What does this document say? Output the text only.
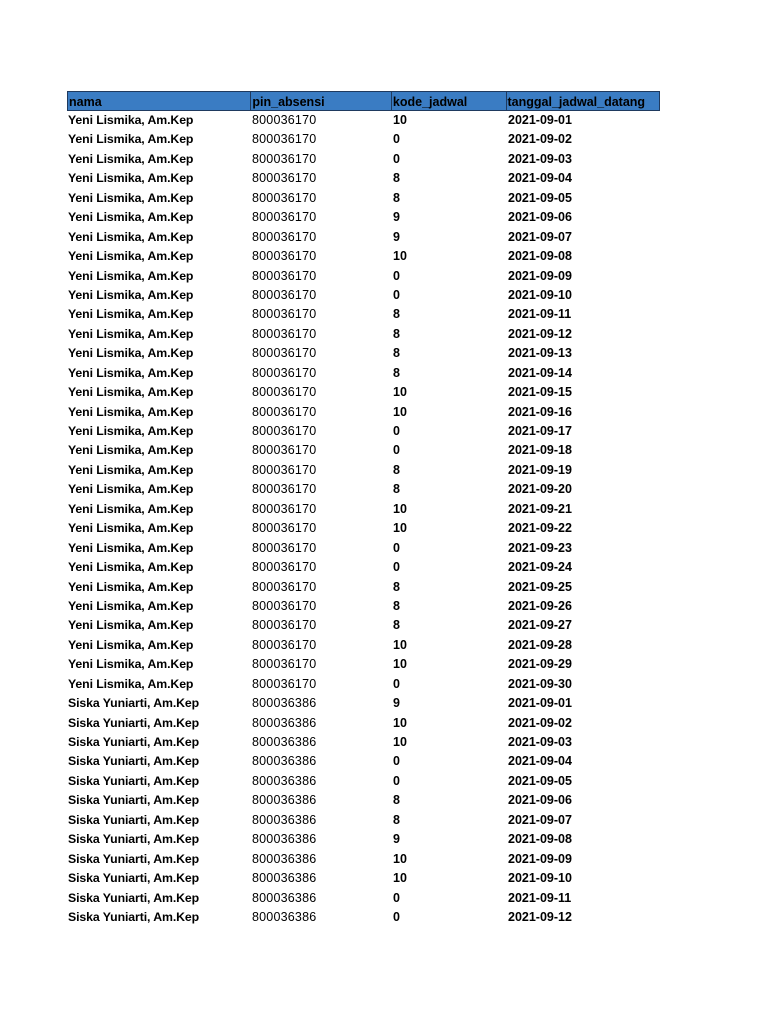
nama	pin_absensi	kode_jadwal	tanggal_jadwal_datang
Yeni Lismika, Am.Kep	800036170	10	2021-09-01
Yeni Lismika, Am.Kep	800036170	0	2021-09-02
Yeni Lismika, Am.Kep	800036170	0	2021-09-03
Yeni Lismika, Am.Kep	800036170	8	2021-09-04
Yeni Lismika, Am.Kep	800036170	8	2021-09-05
Yeni Lismika, Am.Kep	800036170	9	2021-09-06
Yeni Lismika, Am.Kep	800036170	9	2021-09-07
Yeni Lismika, Am.Kep	800036170	10	2021-09-08
Yeni Lismika, Am.Kep	800036170	0	2021-09-09
Yeni Lismika, Am.Kep	800036170	0	2021-09-10
Yeni Lismika, Am.Kep	800036170	8	2021-09-11
Yeni Lismika, Am.Kep	800036170	8	2021-09-12
Yeni Lismika, Am.Kep	800036170	8	2021-09-13
Yeni Lismika, Am.Kep	800036170	8	2021-09-14
Yeni Lismika, Am.Kep	800036170	10	2021-09-15
Yeni Lismika, Am.Kep	800036170	10	2021-09-16
Yeni Lismika, Am.Kep	800036170	0	2021-09-17
Yeni Lismika, Am.Kep	800036170	0	2021-09-18
Yeni Lismika, Am.Kep	800036170	8	2021-09-19
Yeni Lismika, Am.Kep	800036170	8	2021-09-20
Yeni Lismika, Am.Kep	800036170	10	2021-09-21
Yeni Lismika, Am.Kep	800036170	10	2021-09-22
Yeni Lismika, Am.Kep	800036170	0	2021-09-23
Yeni Lismika, Am.Kep	800036170	0	2021-09-24
Yeni Lismika, Am.Kep	800036170	8	2021-09-25
Yeni Lismika, Am.Kep	800036170	8	2021-09-26
Yeni Lismika, Am.Kep	800036170	8	2021-09-27
Yeni Lismika, Am.Kep	800036170	10	2021-09-28
Yeni Lismika, Am.Kep	800036170	10	2021-09-29
Yeni Lismika, Am.Kep	800036170	0	2021-09-30
Siska Yuniarti, Am.Kep	800036386	9	2021-09-01
Siska Yuniarti, Am.Kep	800036386	10	2021-09-02
Siska Yuniarti, Am.Kep	800036386	10	2021-09-03
Siska Yuniarti, Am.Kep	800036386	0	2021-09-04
Siska Yuniarti, Am.Kep	800036386	0	2021-09-05
Siska Yuniarti, Am.Kep	800036386	8	2021-09-06
Siska Yuniarti, Am.Kep	800036386	8	2021-09-07
Siska Yuniarti, Am.Kep	800036386	9	2021-09-08
Siska Yuniarti, Am.Kep	800036386	10	2021-09-09
Siska Yuniarti, Am.Kep	800036386	10	2021-09-10
Siska Yuniarti, Am.Kep	800036386	0	2021-09-11
Siska Yuniarti, Am.Kep	800036386	0	2021-09-12
